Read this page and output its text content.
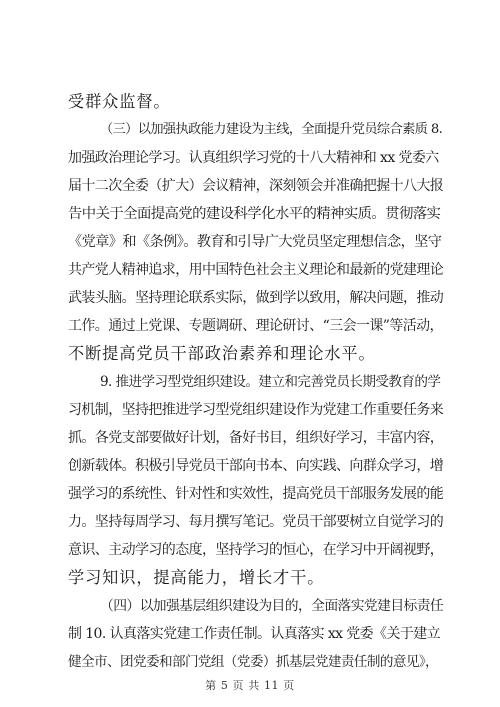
受群众监督。
（三）以加强执政能力建设为主线，全面提升党员综合素质 8.
加强政治理论学习。认真组织学习党的十八大精神和 xx 党委六
届十二次全委（扩大）会议精神，深刻领会并准确把握十八大报
告中关于全面提高党的建设科学化水平的精神实质。贯彻落实
《党章》和《条例》。教育和引导广大党员坚定理想信念，坚守
共产党人精神追求，用中国特色社会主义理论和最新的党建理论
武装头脑。坚持理论联系实际，做到学以致用，解决问题，推动
工作。通过上党课、专题调研、理论研讨、“三会一课”等活动，
不断提高党员干部政治素养和理论水平。
9. 推进学习型党组织建设。建立和完善党员长期受教育的学
习机制，坚持把推进学习型党组织建设作为党建工作重要任务来
抓。各党支部要做好计划，备好书目，组织好学习，丰富内容，
创新载体。积极引导党员干部向书本、向实践、向群众学习，增
强学习的系统性、针对性和实效性，提高党员干部服务发展的能
力。坚持每周学习、每月撰写笔记。党员干部要树立自觉学习的
意识、主动学习的态度，坚持学习的恒心，在学习中开阔视野，
学习知识，提高能力，增长才干。
（四）以加强基层组织建设为目的，全面落实党建目标责任
制 10. 认真落实党建工作责任制。认真落实 xx 党委《关于建立
健全市、团党委和部门党组（党委）抓基层党建责任制的意见》，
第 5 页 共 11 页
